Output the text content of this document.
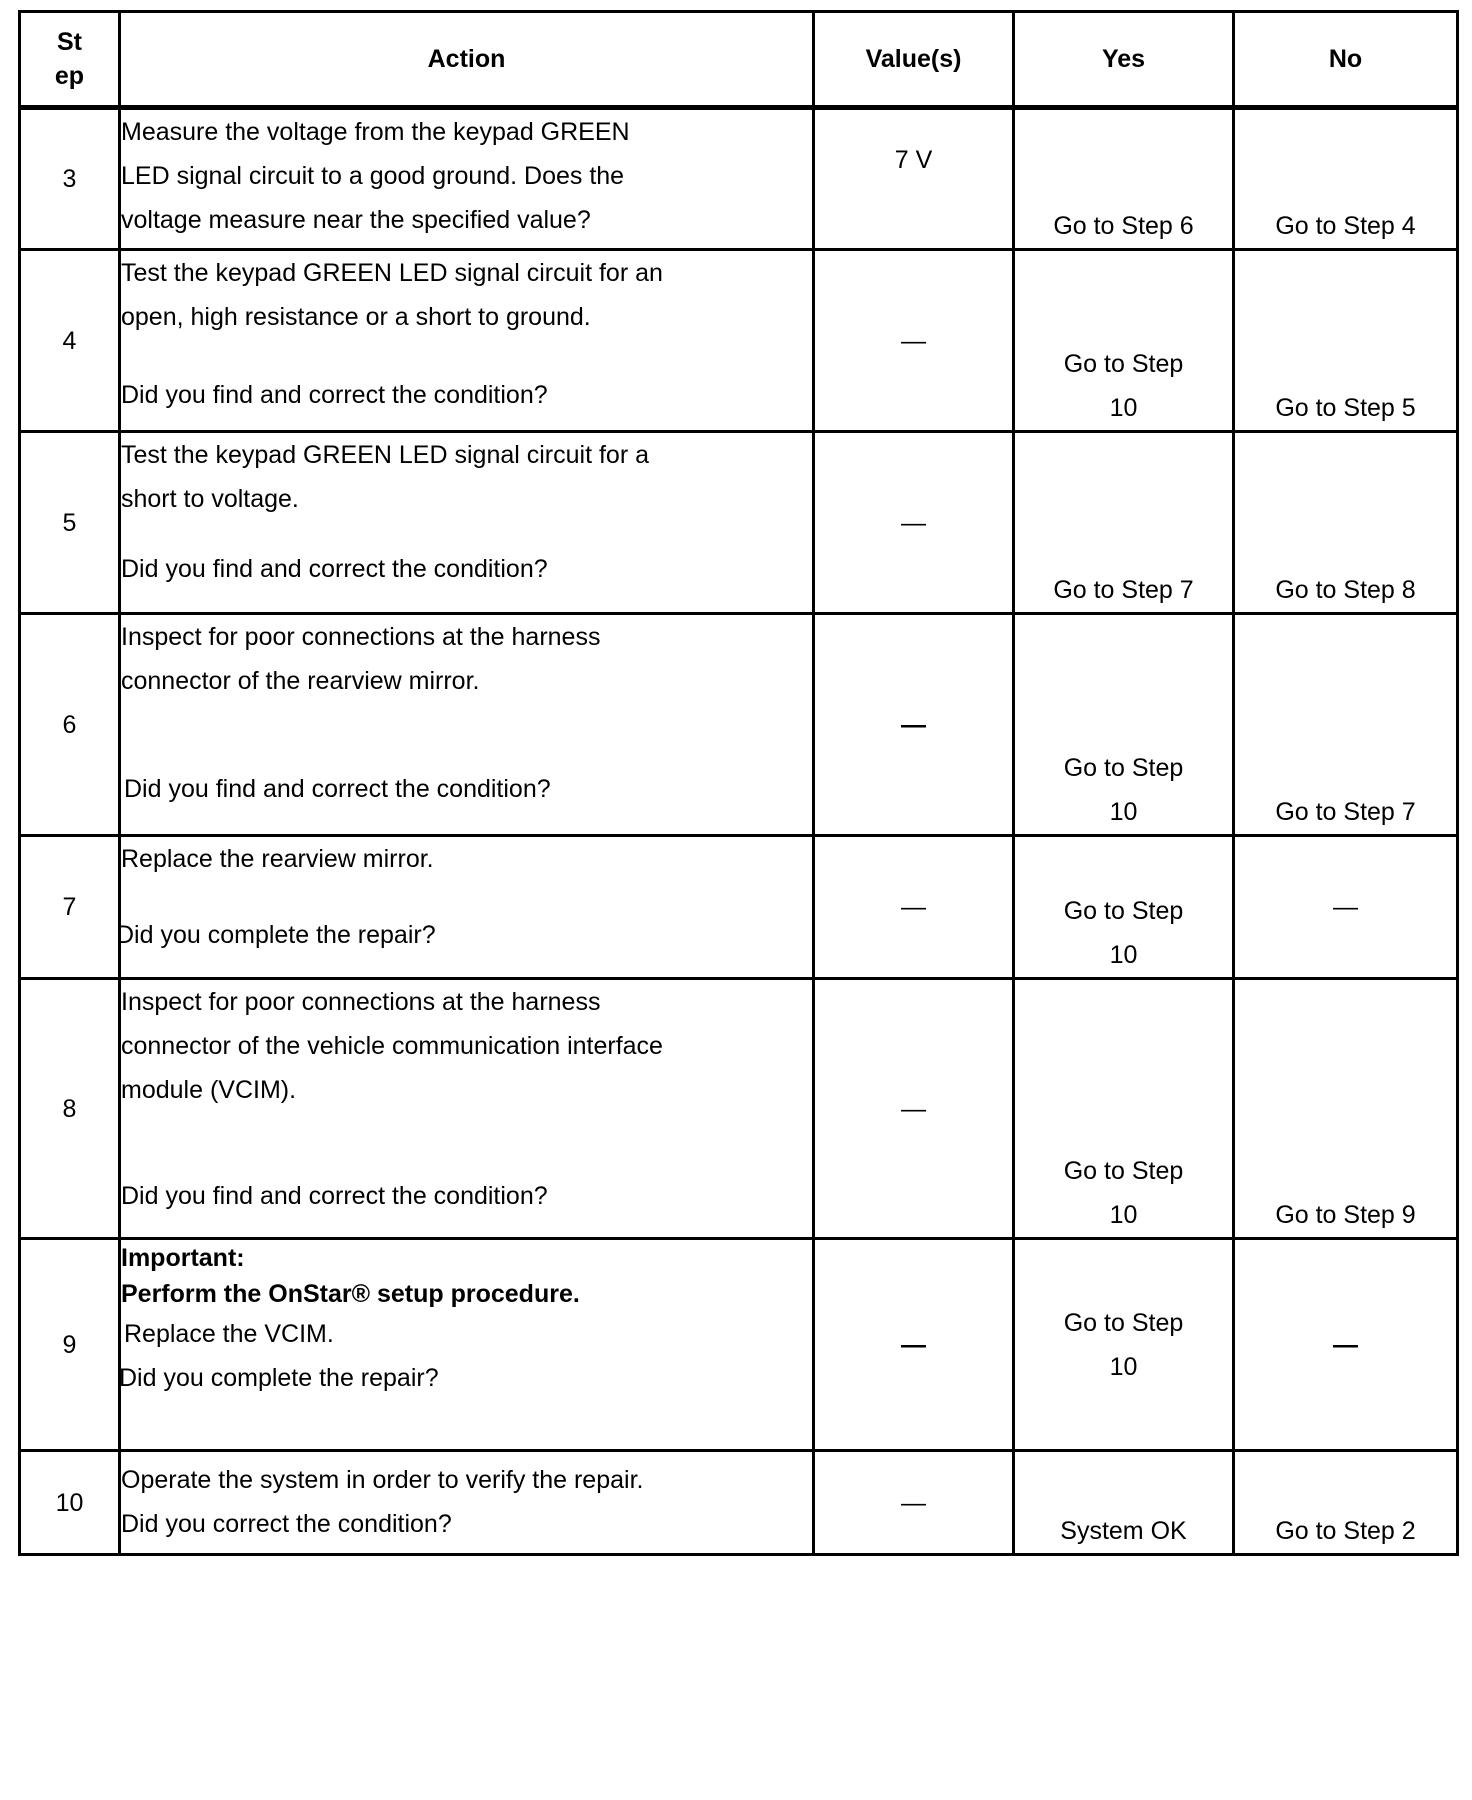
St
ep	Action	Value(s)	Yes	No
3	Measure the voltage from the keypad GREEN
LED signal circuit to a good ground. Does the
voltage measure near the specified value?	7 V	Go to Step 6	Go to Step 4

4	Test the keypad GREEN LED signal circuit for an
open, high resistance or a short to ground.
Did you find and correct the condition?	—	Go to Step
10	Go to Step 5

5	Test the keypad GREEN LED signal circuit for a
short to voltage.
Did you find and correct the condition?	—	Go to Step 7	Go to Step 8

6	Inspect for poor connections at the harness
connector of the rearview mirror.
Did you find and correct the condition?	—	Go to Step
10	Go to Step 7

7	Replace the rearview mirror.
Did you complete the repair?	—	Go to Step
10	—

8	Inspect for poor connections at the harness
connector of the vehicle communication interface
module (VCIM).
Did you find and correct the condition?	—	Go to Step
10	Go to Step 9

9	Important:
Perform the OnStar® setup procedure.
Replace the VCIM.
Did you complete the repair?	—	Go to Step
10	—

10	Operate the system in order to verify the repair.
Did you correct the condition?	—	System OK	Go to Step 2
